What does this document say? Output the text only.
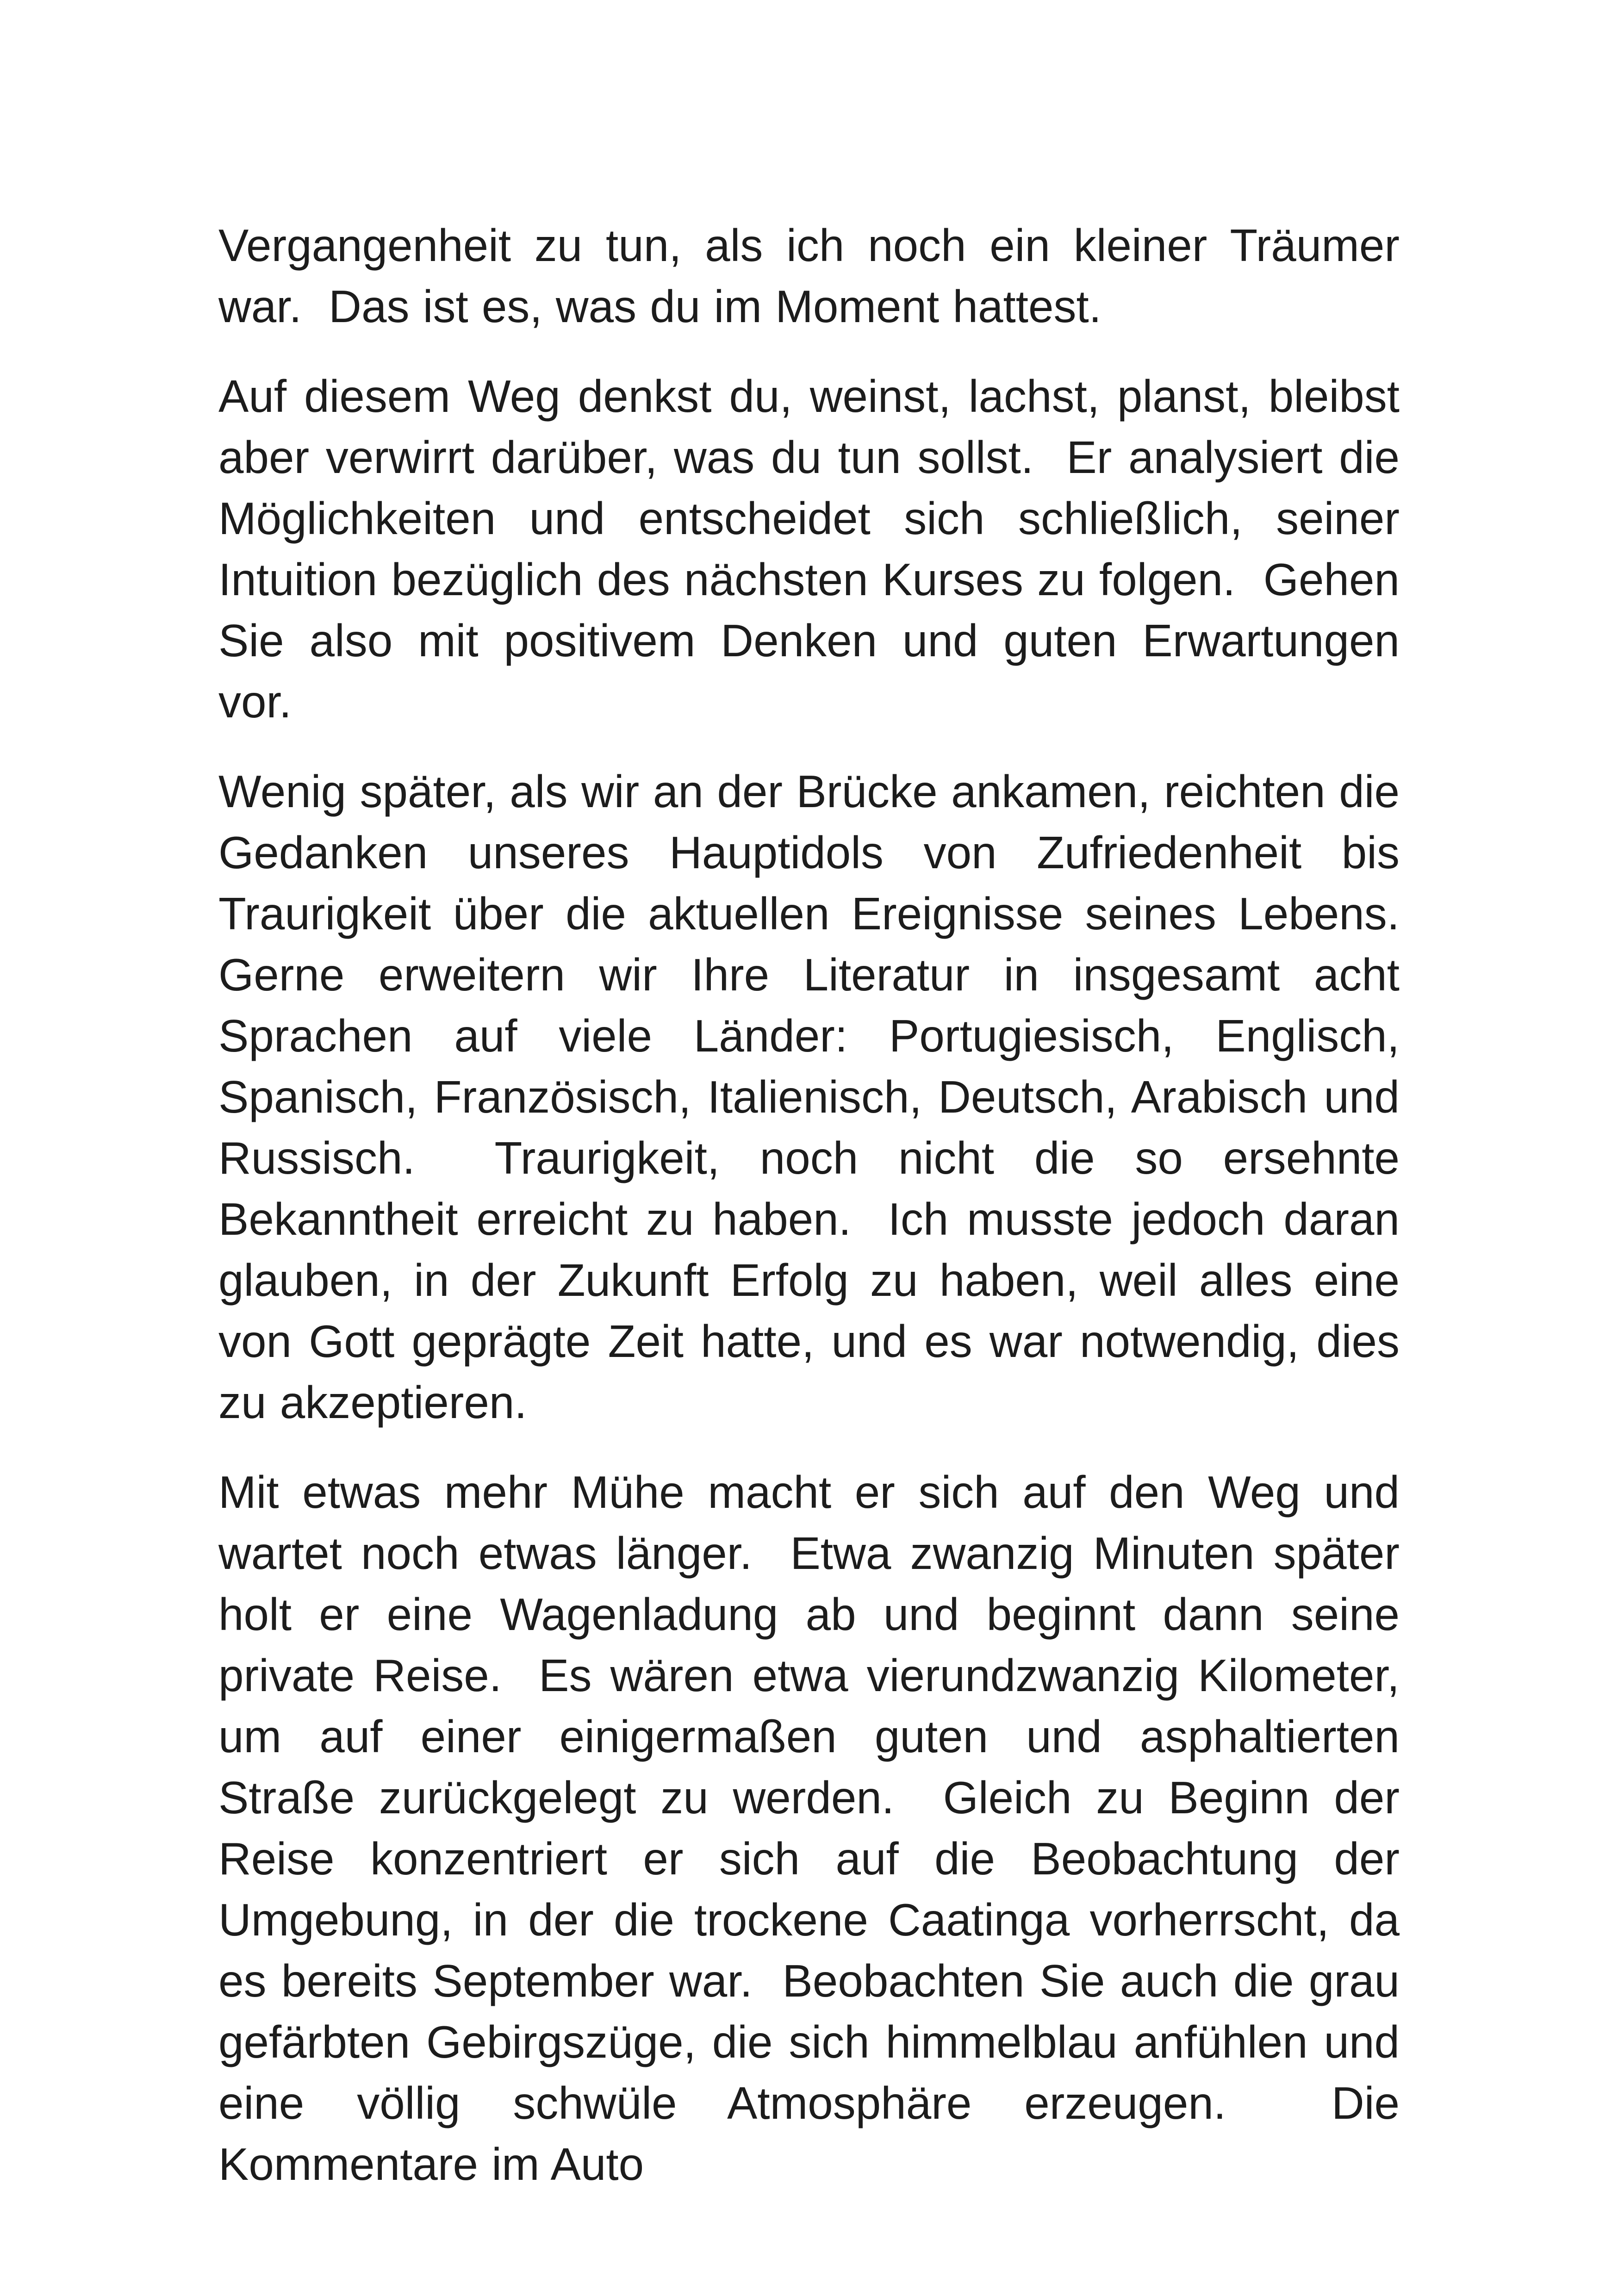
Vergangenheit zu tun, als ich noch ein kleiner Träumer war.  Das ist es, was du im Moment hattest.

Auf diesem Weg denkst du, weinst, lachst, planst, bleibst aber verwirrt darüber, was du tun sollst.  Er analysiert die Möglichkeiten und entscheidet sich schließlich, seiner Intuition bezüglich des nächsten Kurses zu folgen.  Gehen Sie also mit positivem Denken und guten Erwartungen vor.

Wenig später, als wir an der Brücke ankamen, reichten die Gedanken unseres Hauptidols von Zufriedenheit bis Traurigkeit über die aktuellen Ereignisse seines Lebens.  Gerne erweitern wir Ihre Literatur in insgesamt acht Sprachen auf viele Länder: Portugiesisch, Englisch, Spanisch, Französisch, Italienisch, Deutsch, Arabisch und Russisch.  Traurigkeit, noch nicht die so ersehnte Bekanntheit erreicht zu haben.  Ich musste jedoch daran glauben, in der Zukunft Erfolg zu haben, weil alles eine von Gott geprägte Zeit hatte, und es war notwendig, dies zu akzeptieren.

Mit etwas mehr Mühe macht er sich auf den Weg und wartet noch etwas länger.  Etwa zwanzig Minuten später holt er eine Wagenladung ab und beginnt dann seine private Reise.  Es wären etwa vierundzwanzig Kilometer, um auf einer einigermaßen guten und asphaltierten Straße zurückgelegt zu werden.  Gleich zu Beginn der Reise konzentriert er sich auf die Beobachtung der Umgebung, in der die trockene Caatinga vorherrscht, da es bereits September war.  Beobachten Sie auch die grau gefärbten Gebirgszüge, die sich himmelblau anfühlen und eine völlig schwüle Atmosphäre erzeugen.  Die Kommentare im Auto
